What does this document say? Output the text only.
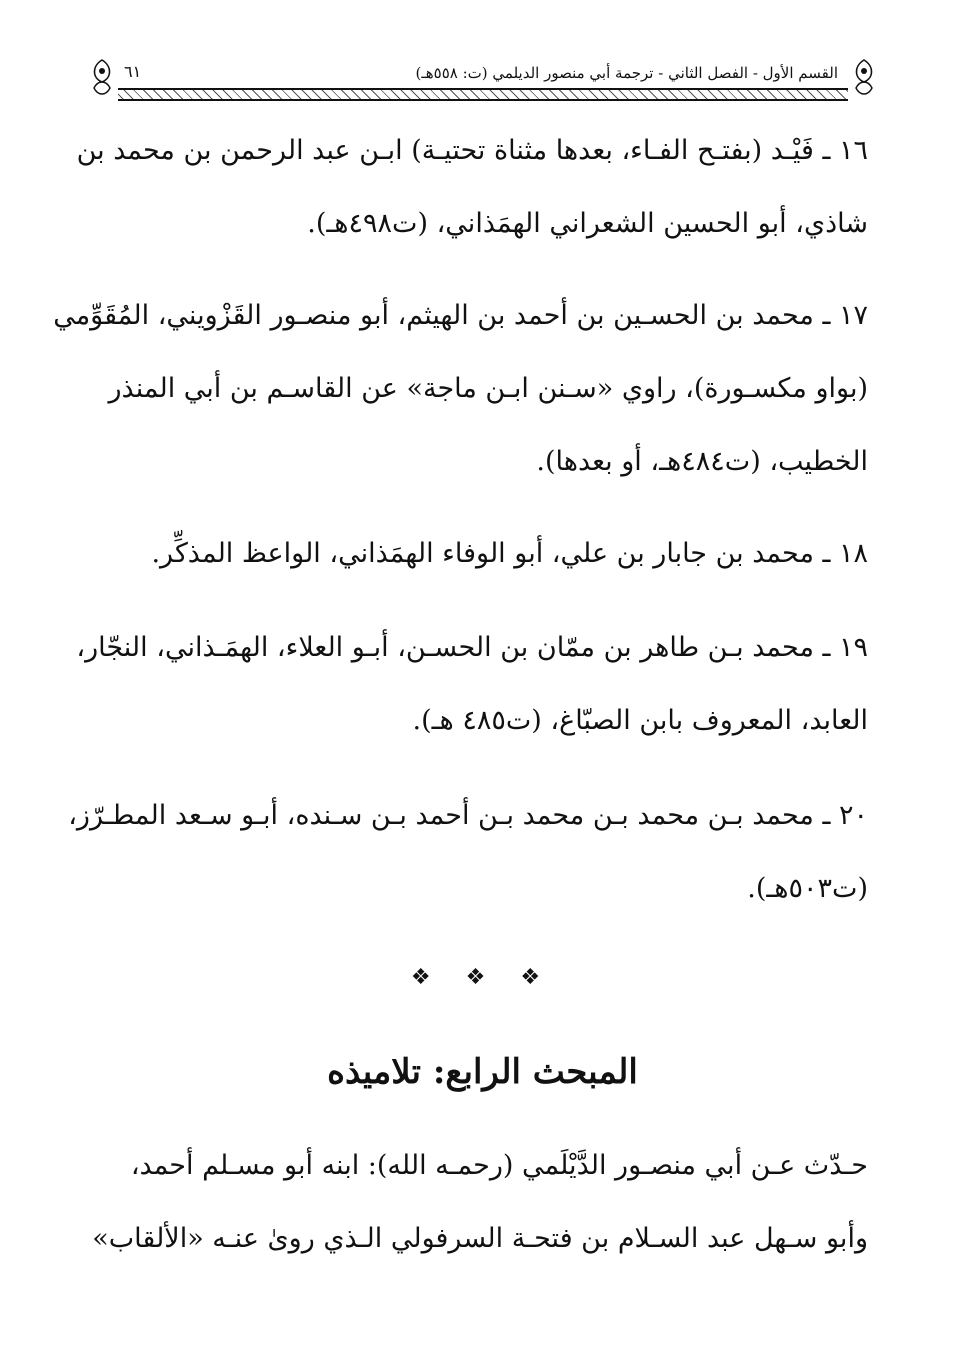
القسم الأول - الفصل الثاني - ترجمة أبي منصور الديلمي (ت: ٥٥٨هـ)
٦١
١٦ ـ فَيْـد (بفتـح الفـاء، بعدها مثناة تحتيـة) ابـن عبد الرحمن بن محمد بن
شاذي، أبو الحسين الشعراني الهمَذاني، (ت٤٩٨هـ).
١٧ ـ محمد بن الحسـين بن أحمد بن الهيثم، أبو منصـور القَزْويني، المُقَوِّمي
(بواو مكسـورة)، راوي «سـنن ابـن ماجة» عن القاسـم بن أبي المنذر
الخطيب، (ت٤٨٤هـ، أو بعدها).
١٨ ـ محمد بن جابار بن علي، أبو الوفاء الهمَذاني، الواعظ المذكِّر.
١٩ ـ محمد بـن طاهر بن ممّان بن الحسـن، أبـو العلاء، الهمَـذاني، النجّار،
العابد، المعروف بابن الصبّاغ، (ت٤٨٥ هـ).
٢٠ ـ محمد بـن محمد بـن محمد بـن أحمد بـن سـنده، أبـو سـعد المطـرّز،
(ت٥٠٣هـ).
❖ ❖ ❖
المبحث الرابع: تلاميذه
حـدّث عـن أبي منصـور الدَّيْلَمي (رحمـه الله): ابنه أبو مسـلم أحمد،
وأبو سـهل عبد السـلام بن فتحـة السرفولي الـذي روىٰ عنـه «الألقاب»
